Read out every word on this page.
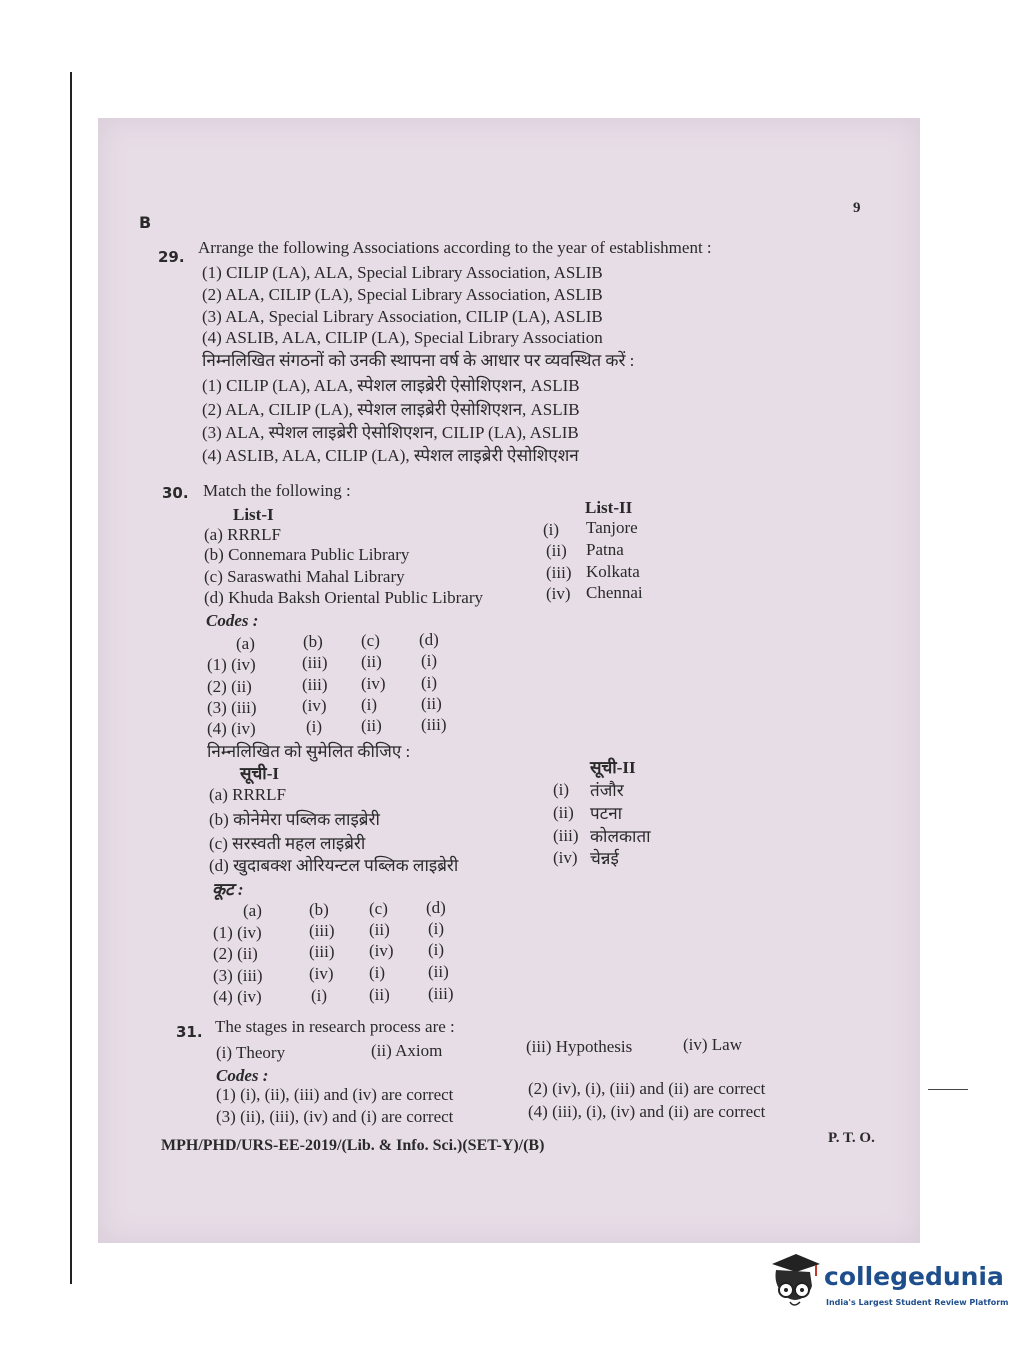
B
9
29. Arrange the following Associations according to the year of establishment :
(1) CILIP (LA), ALA, Special Library Association, ASLIB
(2) ALA, CILIP (LA), Special Library Association, ASLIB
(3) ALA, Special Library Association, CILIP (LA), ASLIB
(4) ASLIB, ALA, CILIP (LA), Special Library Association
निम्नलिखित संगठनों को उनकी स्थापना वर्ष के आधार पर व्यवस्थित करें :
(1) CILIP (LA), ALA, स्पेशल लाइब्रेरी ऐसोशिएशन, ASLIB
(2) ALA, CILIP (LA), स्पेशल लाइब्रेरी ऐसोशिएशन, ASLIB
(3) ALA, स्पेशल लाइब्रेरी ऐसोशिएशन, CILIP (LA), ASLIB
(4) ASLIB, ALA, CILIP (LA), स्पेशल लाइब्रेरी ऐसोशिएशन
30. Match the following :
List-I	List-II
(a) RRRLF
(b) Connemara Public Library
(c) Saraswathi Mahal Library
(d) Khuda Baksh Oriental Public Library
(i) Tanjore
(ii) Patna
(iii) Kolkata
(iv) Chennai
Codes :
(a)	(b) (c) (d)
(1) (iv)	(iii) (ii) (i)
(2) (ii)	(iii) (iv) (i)
(3) (iii)	(iv) (i)	(ii)
(4) (iv)	(i) (ii) (iii)
निम्नलिखित को सुमेलित कीजिए :
सूची-I	सूची-II
(a) RRRLF
(b) कोनेमेरा पब्लिक लाइब्रेरी
(c) सरस्वती महल लाइब्रेरी
(d) खुदाबक्श ओरियन्टल पब्लिक लाइब्रेरी
(i) तंजौर
(ii) पटना
(iii) कोलकाता
(iv) चेन्नई
कूट :
(a)	(b) (c) (d)
(1) (iv)	(iii) (ii) (i)
(2) (ii)	(iii) (iv) (i)
(3) (iii)	(iv) (i)	(ii)
(4) (iv)	(i) (ii) (iii)
31. The stages in research process are :
(i) Theory	(ii) Axiom	(iii) Hypothesis	(iv) Law
Codes :
(1) (i), (ii), (iii) and (iv) are correct	(2) (iv), (i), (iii) and (ii) are correct
(3) (ii), (iii), (iv) and (i) are correct	(4) (iii), (i), (iv) and (ii) are correct
MPH/PHD/URS-EE-2019/(Lib. & Info. Sci.)(SET-Y)/(B)	P. T. O.
collegedunia
India's Largest Student Review Platform
